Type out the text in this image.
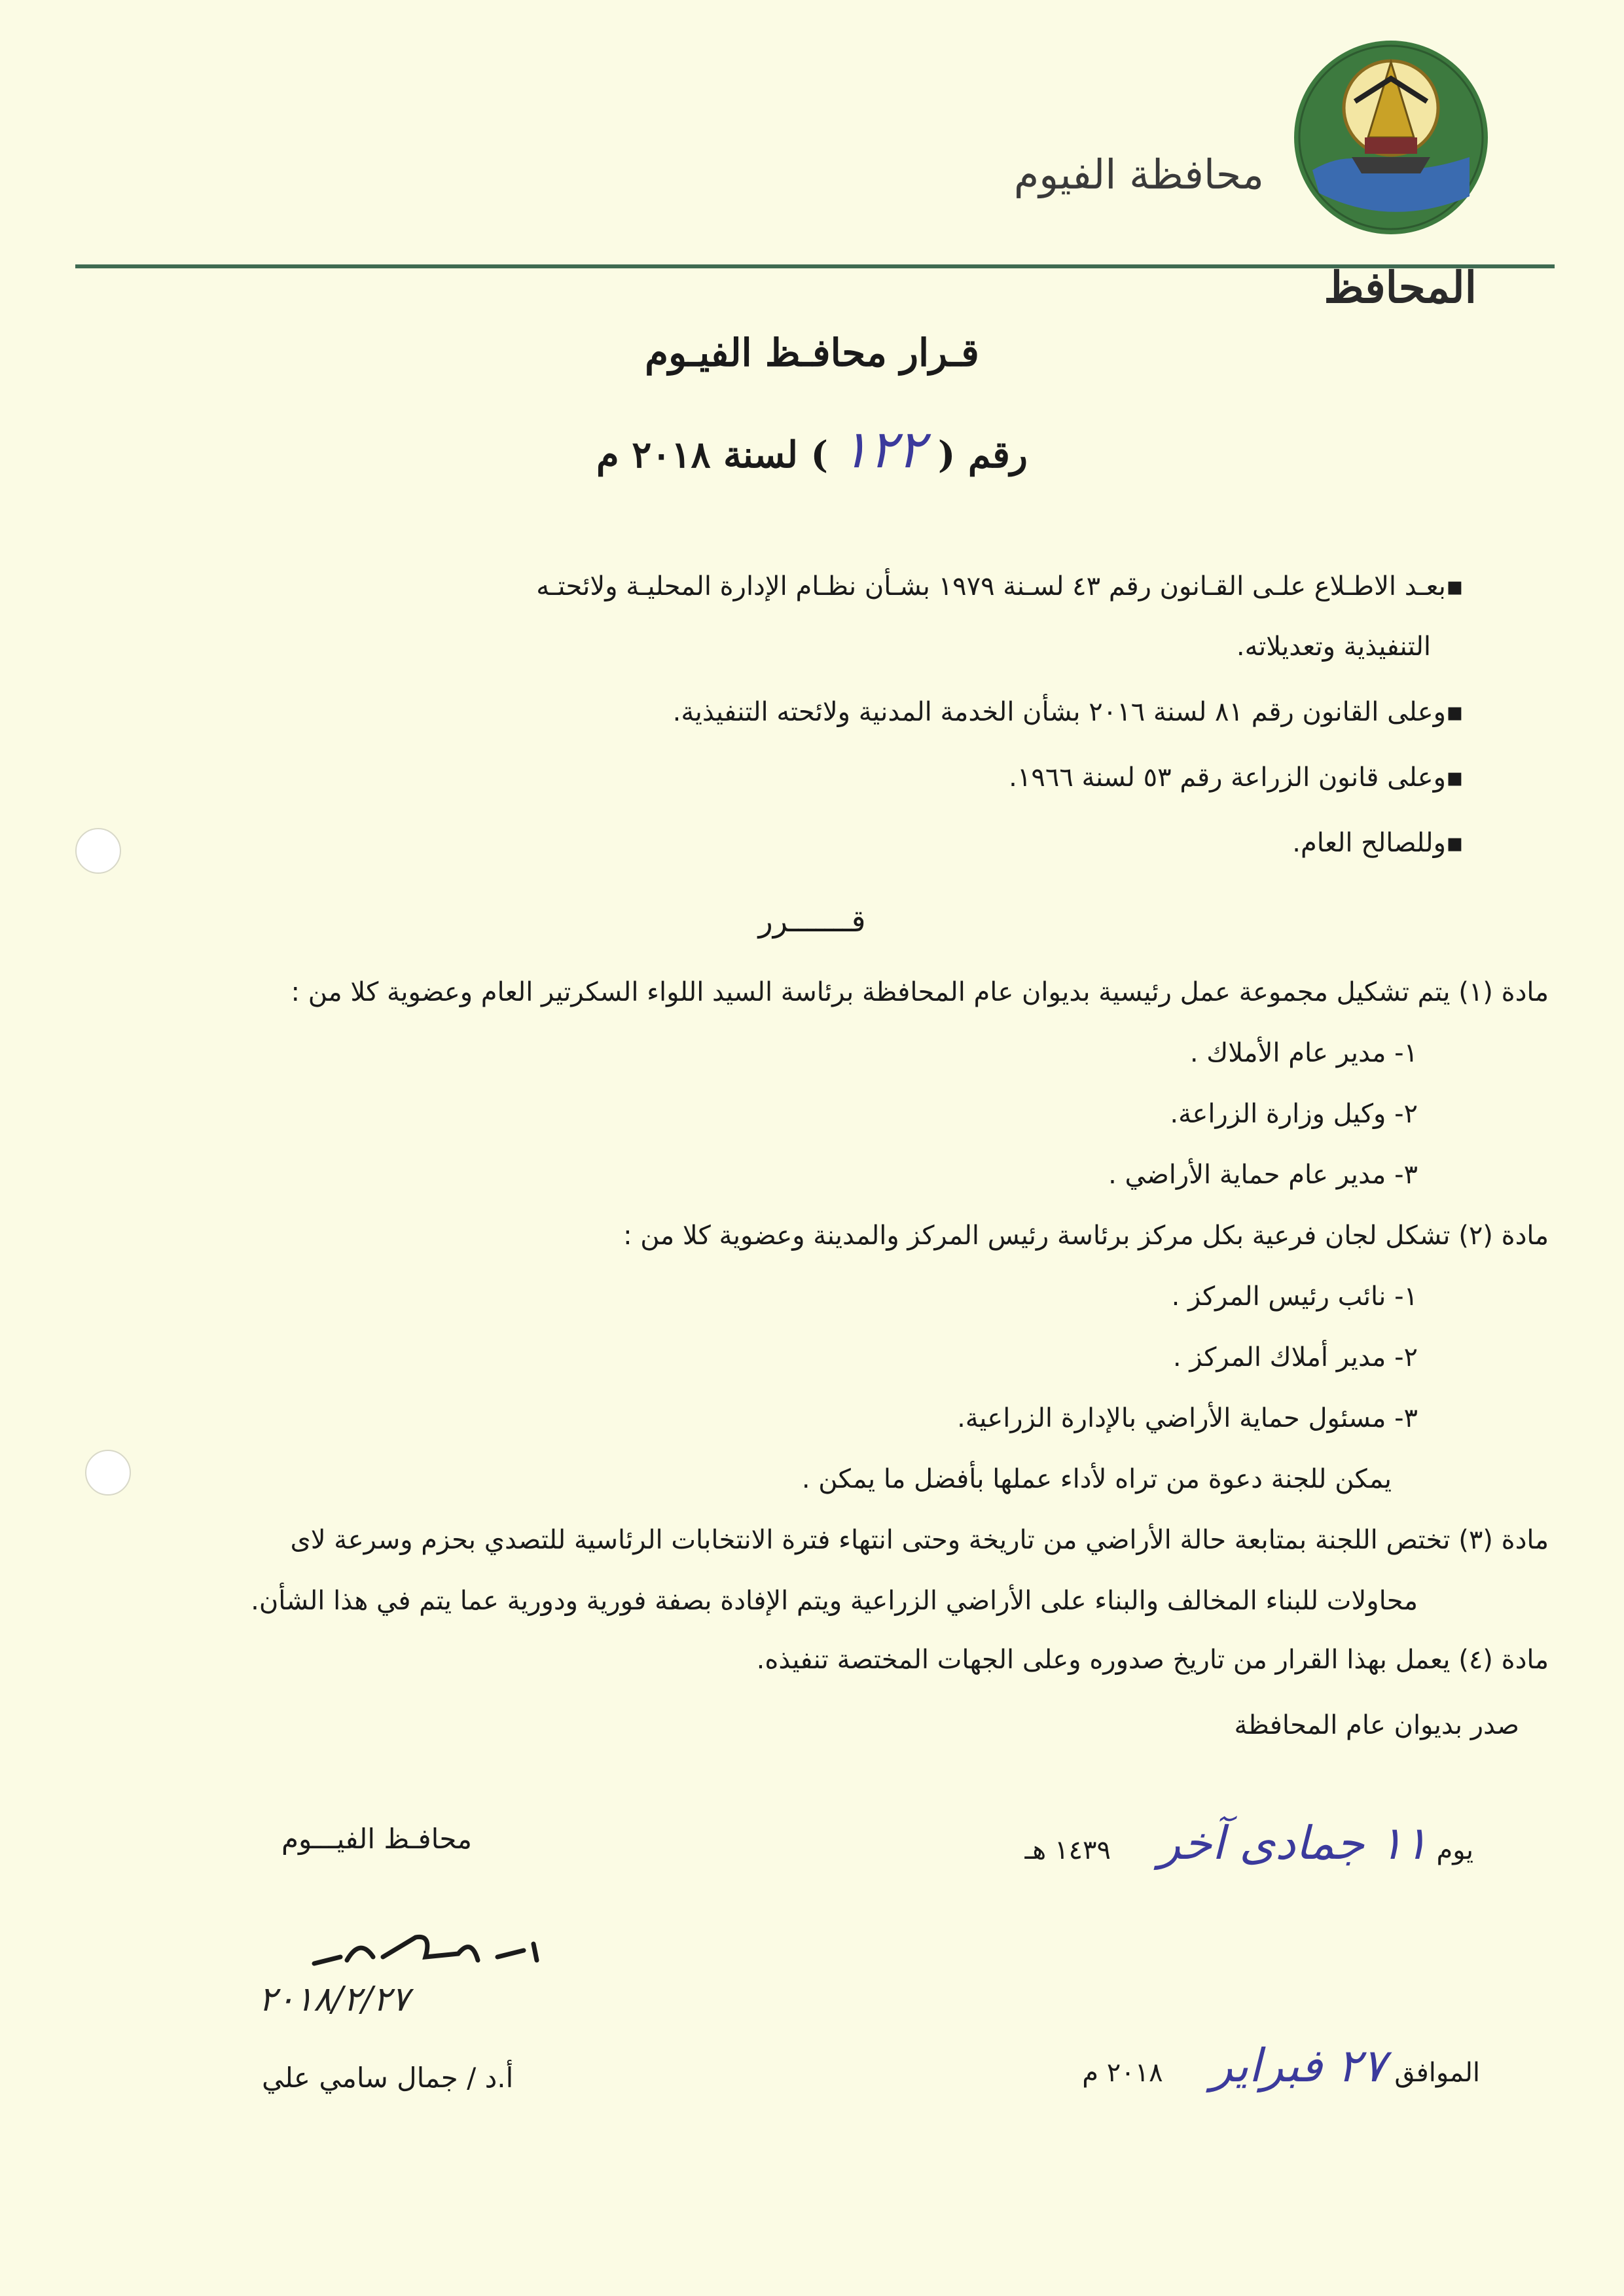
محافظة الفيوم
المحافظ
قـرار محافـظ الفيـوم
رقم ( ١٢٢ ) لسنة ٢٠١٨ م
▪بعـد الاطـلاع علـى القـانون رقم ٤٣ لسـنة ١٩٧٩ بشـأن نظـام الإدارة المحليـة ولائحتـه
التنفيذية وتعديلاته.
▪وعلى القانون رقم ٨١ لسنة ٢٠١٦ بشأن الخدمة المدنية ولائحته التنفيذية.
▪وعلى قانون الزراعة رقم ٥٣ لسنة ١٩٦٦.
▪وللصالح العام.
قـــــــرر
مادة (١) يتم تشكيل مجموعة عمل رئيسية بديوان عام المحافظة برئاسة السيد اللواء السكرتير العام وعضوية كلا من :
١- مدير عام الأملاك .
٢- وكيل وزارة الزراعة.
٣- مدير عام حماية الأراضي .
مادة (٢) تشكل لجان فرعية بكل مركز برئاسة رئيس المركز والمدينة وعضوية كلا من :
١- نائب رئيس المركز .
٢- مدير أملاك المركز .
٣- مسئول حماية الأراضي بالإدارة الزراعية.
يمكن للجنة دعوة من تراه لأداء عملها بأفضل ما يمكن .
مادة (٣) تختص اللجنة بمتابعة حالة الأراضي من تاريخة وحتى انتهاء فترة الانتخابات الرئاسية للتصدي بحزم وسرعة لاى
محاولات للبناء المخالف والبناء على الأراضي الزراعية ويتم الإفادة بصفة فورية ودورية عما يتم في هذا الشأن.
مادة (٤) يعمل بهذا القرار من تاريخ صدوره وعلى الجهات المختصة تنفيذه.
صدر بديوان عام المحافظة
يوم ١١ جمادى آخر ١٤٣٩ هـ
الموافق ٢٧ فبراير ٢٠١٨ م
محافـظ الفيـــوم
٢٠١٨/٢/٢٧
أ.د / جمال سامي علي
